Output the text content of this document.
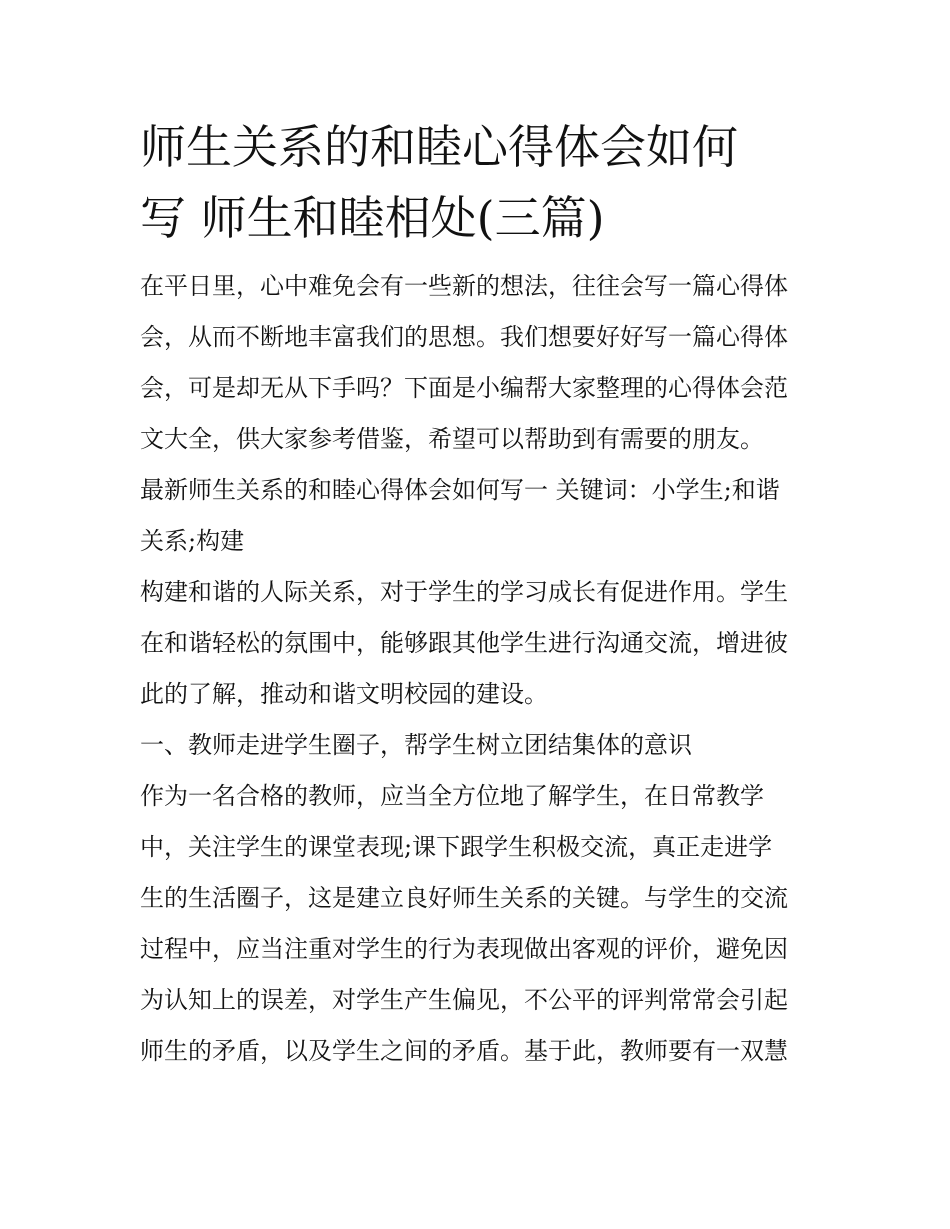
师生关系的和睦心得体会如何
写 师生和睦相处(三篇)
在平日里，心中难免会有一些新的想法，往往会写一篇心得体
会，从而不断地丰富我们的思想。我们想要好好写一篇心得体
会，可是却无从下手吗？下面是小编帮大家整理的心得体会范
文大全，供大家参考借鉴，希望可以帮助到有需要的朋友。
最新师生关系的和睦心得体会如何写一 关键词：小学生;和谐
关系;构建
构建和谐的人际关系，对于学生的学习成长有促进作用。学生
在和谐轻松的氛围中，能够跟其他学生进行沟通交流，增进彼
此的了解，推动和谐文明校园的建设。
一、教师走进学生圈子，帮学生树立团结集体的意识
作为一名合格的教师，应当全方位地了解学生，在日常教学
中，关注学生的课堂表现;课下跟学生积极交流，真正走进学
生的生活圈子，这是建立良好师生关系的关键。与学生的交流
过程中，应当注重对学生的行为表现做出客观的评价，避免因
为认知上的误差，对学生产生偏见，不公平的评判常常会引起
师生的矛盾，以及学生之间的矛盾。基于此，教师要有一双慧
